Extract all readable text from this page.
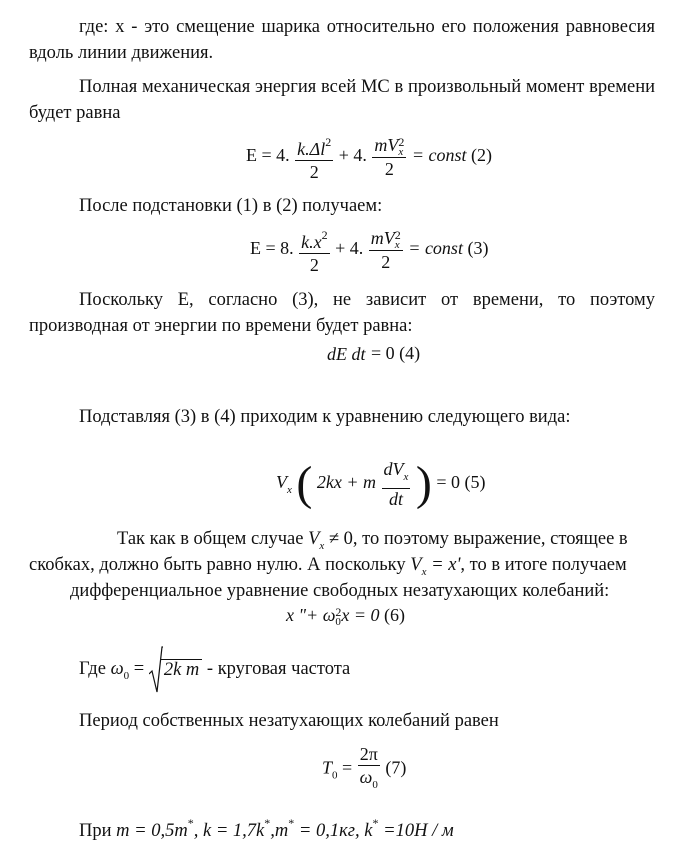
где: x - это смещение шарика относительно его положения равновесия
вдоль линии движения.
Полная механическая энергия всей МС в произвольный момент времени
будет равна
E = 4. $\frac{k.\Delta l^2}{2} + 4$. mV 2
x
2 = const (2)
После подстановки (1) в (2) получаем:
E = 8. $\frac{k.x^2}{2} + 4$. mV 2
x
2 = const (3)
Поскольку E, согласно (3), не зависит от времени, то поэтому
производная от энергии по времени будет равна:
dE dt = 0 (4)
Подставляя (3) в (4) приходим к уравнению следующего вида:
$V_x$ ( 2kx + m $\frac{dV_x}{dt}$ ) = 0 (5)
Так как в общем случае $V_x \ne 0$, то поэтому выражение, стоящее в
скобках, должно быть равно нулю. А поскольку $V_x = x'$, то в итоге получаем
дифференциальное уравнение свободных незатухающих колебаний:
x "+ ω 2
0 x = 0 (6)
Где $\omega_0 = 2k$ m - круговая частота
Период собственных незатухающих колебаний равен
$T_0 = \frac{2\pi}{\omega_0} (7)$
При m = 0,5m*, k = 1,7k*,m* = 0,1кг, k* =10H / м
